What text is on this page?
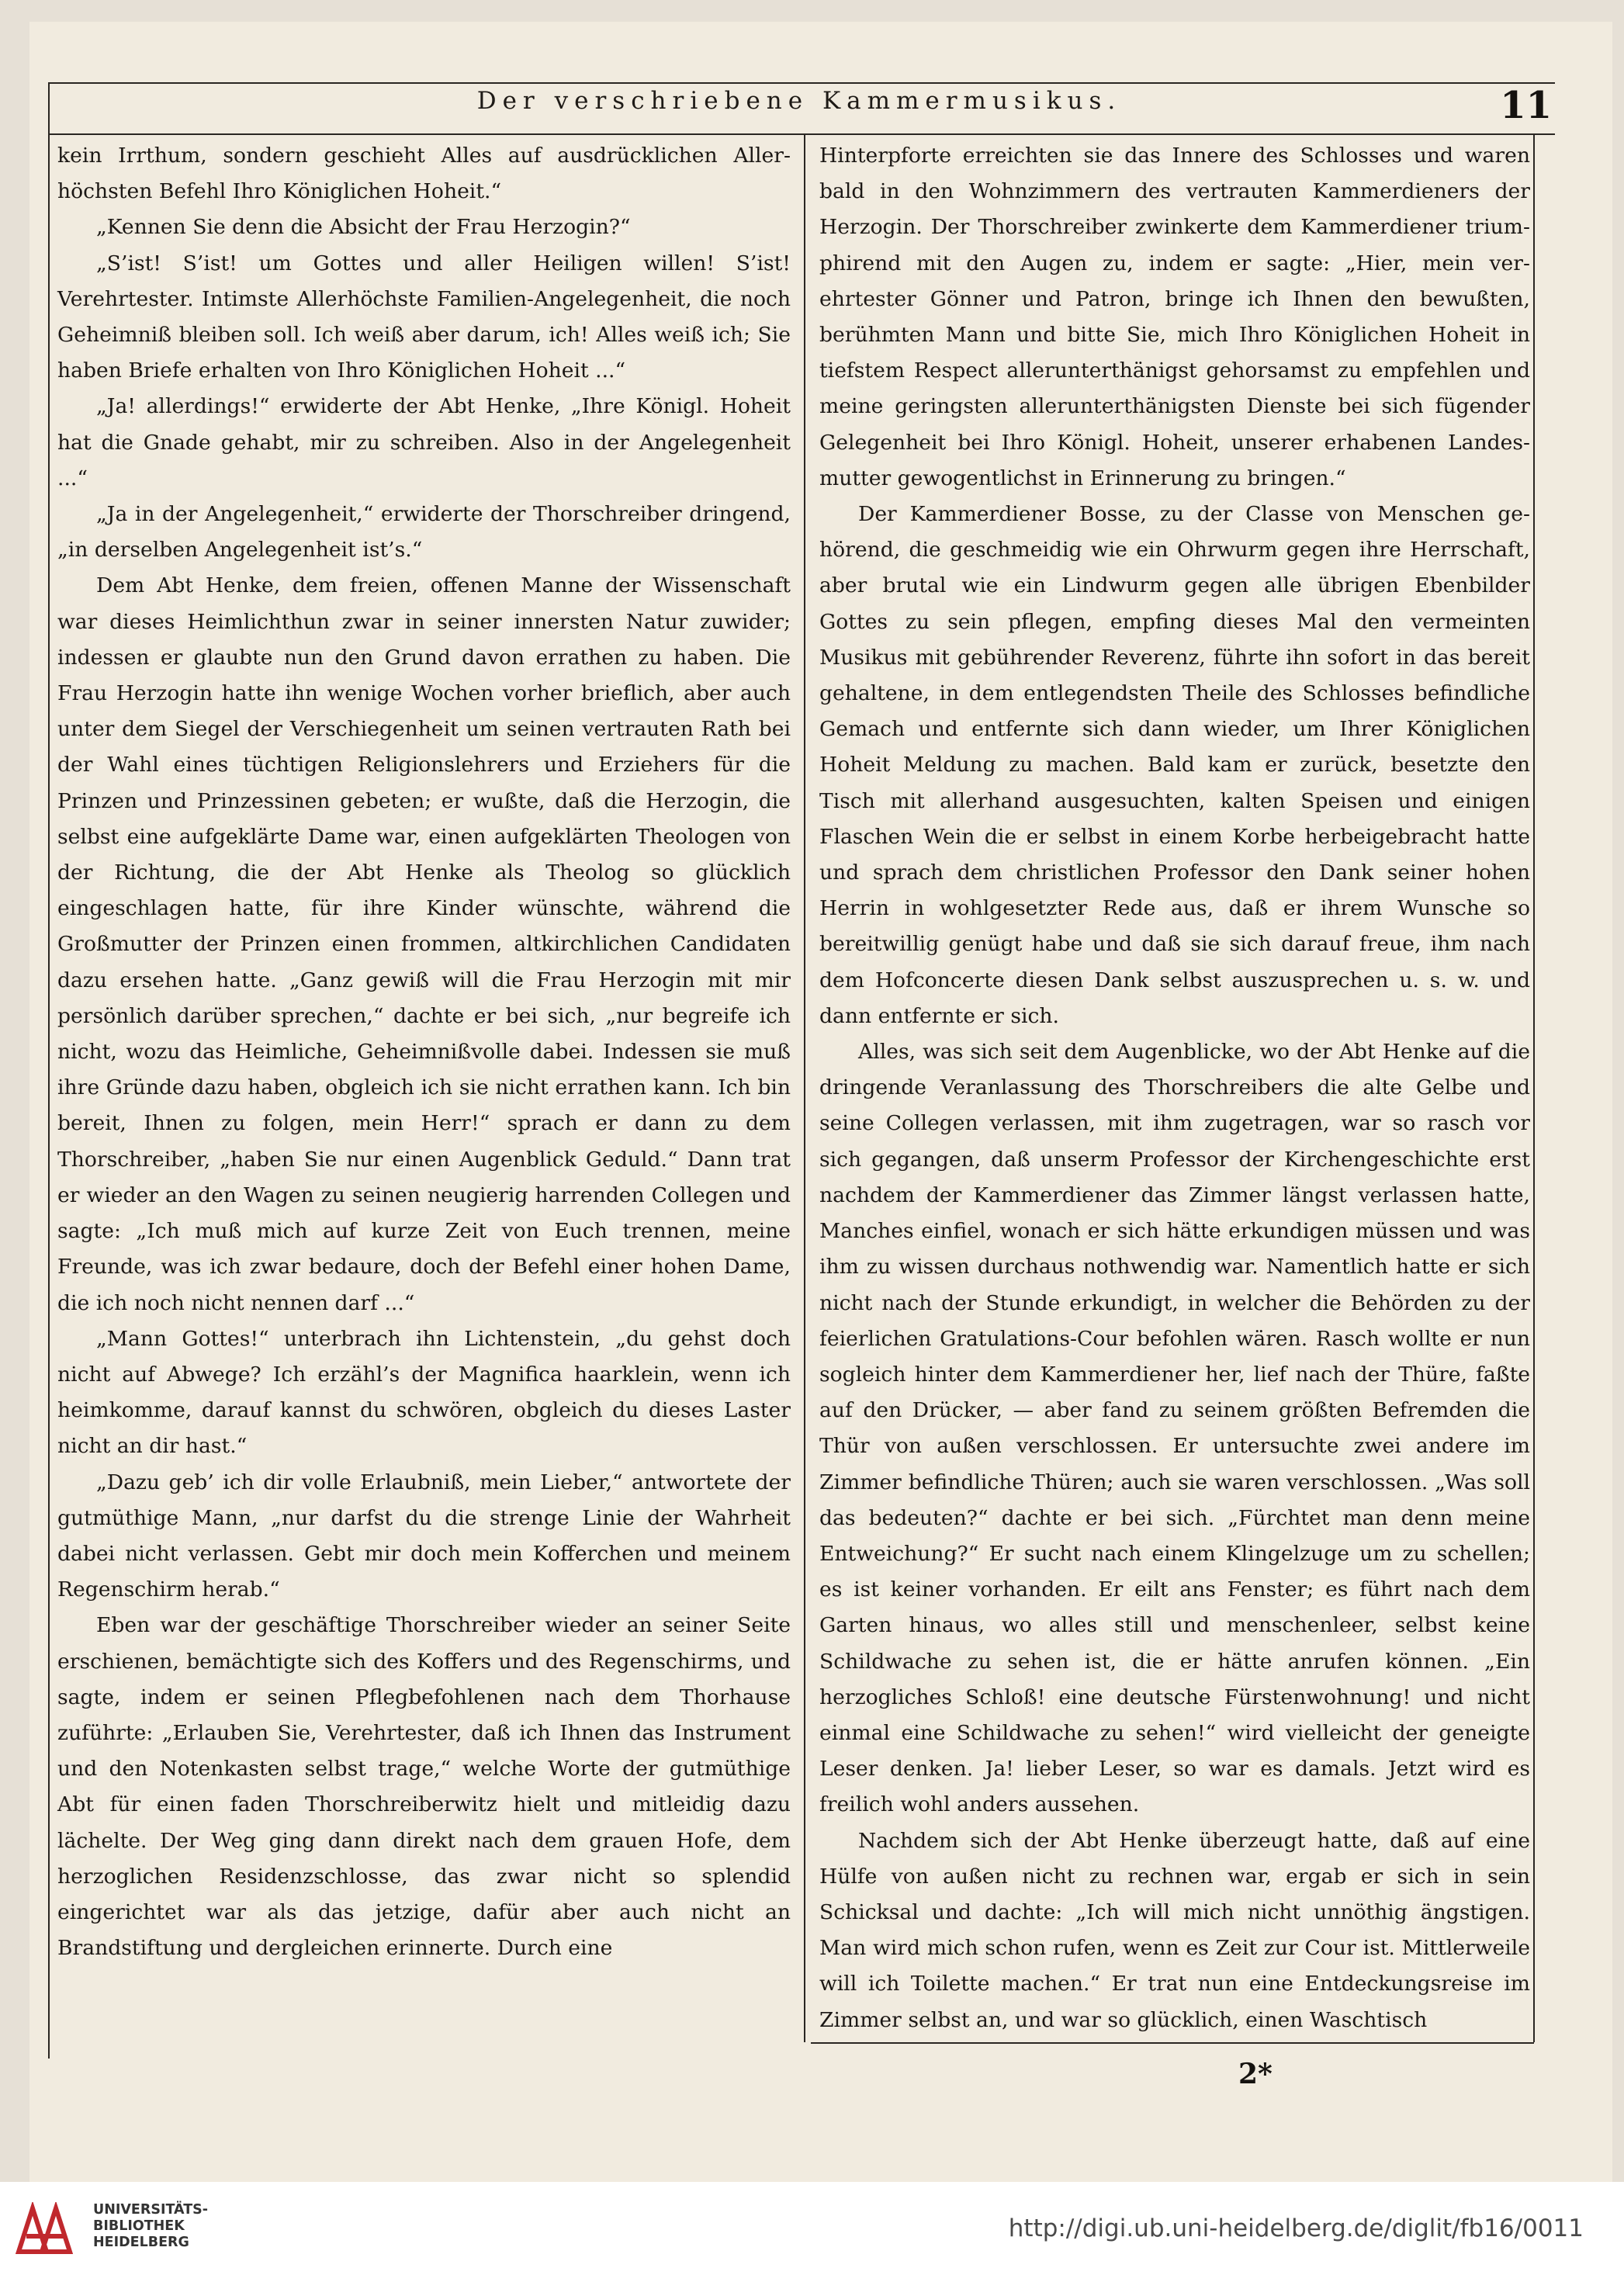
Der verschriebene Kammermusikus.	11

kein Irrthum, sondern geschieht Alles auf ausdrücklichen Allerhöchsten Befehl Ihro Königlichen Hoheit.“

„Kennen Sie denn die Absicht der Frau Herzogin?“

„S’ist! S’ist! um Gottes und aller Heiligen willen! S’ist! Verehrtester. Intimste Allerhöchste Familien-Angelegenheit, die noch Geheimniß bleiben soll. Ich weiß aber darum, ich! Alles weiß ich; Sie haben Briefe erhalten von Ihro Königlichen Hoheit ...“

„Ja! allerdings!“ erwiderte der Abt Henke, „Ihre Königl. Hoheit hat die Gnade gehabt, mir zu schreiben. Also in der Angelegenheit ...“

„Ja in der Angelegenheit,“ erwiderte der Thorschreiber dringend, „in derselben Angelegenheit ist’s.“

Dem Abt Henke, dem freien, offenen Manne der Wissenschaft war dieses Heimlichthun zwar in seiner innersten Natur zuwider; indessen er glaubte nun den Grund davon errathen zu haben. Die Frau Herzogin hatte ihn wenige Wochen vorher brieflich, aber auch unter dem Siegel der Verschiegenheit um seinen vertrauten Rath bei der Wahl eines tüchtigen Religionslehrers und Erziehers für die Prinzen und Prinzessinen gebeten; er wußte, daß die Herzogin, die selbst eine aufgeklärte Dame war, einen aufgeklärten Theologen von der Richtung, die der Abt Henke als Theolog so glücklich eingeschlagen hatte, für ihre Kinder wünschte, während die Großmutter der Prinzen einen frommen, altkirchlichen Candidaten dazu ersehen hatte. „Ganz gewiß will die Frau Herzogin mit mir persönlich darüber sprechen,“ dachte er bei sich, „nur begreife ich nicht, wozu das Heimliche, Geheimnißvolle dabei. Indessen sie muß ihre Gründe dazu haben, obgleich ich sie nicht errathen kann. Ich bin bereit, Ihnen zu folgen, mein Herr!“ sprach er dann zu dem Thorschreiber, „haben Sie nur einen Augenblick Geduld.“ Dann trat er wieder an den Wagen zu seinen neugierig harrenden Collegen und sagte: „Ich muß mich auf kurze Zeit von Euch trennen, meine Freunde, was ich zwar bedaure, doch der Befehl einer hohen Dame, die ich noch nicht nennen darf ...“

„Mann Gottes!“ unterbrach ihn Lichtenstein, „du gehst doch nicht auf Abwege? Ich erzähl’s der Magnifica haarklein, wenn ich heimkomme, darauf kannst du schwören, obgleich du dieses Laster nicht an dir hast.“

„Dazu geb’ ich dir volle Erlaubniß, mein Lieber,“ antwortete der gutmüthige Mann, „nur darfst du die strenge Linie der Wahrheit dabei nicht verlassen. Gebt mir doch mein Kofferchen und meinem Regenschirm herab.“

Eben war der geschäftige Thorschreiber wieder an seiner Seite erschienen, bemächtigte sich des Koffers und des Regenschirms, und sagte, indem er seinen Pflegbefohlenen nach dem Thorhause zuführte: „Erlauben Sie, Verehrtester, daß ich Ihnen das Instrument und den Notenkasten selbst trage,“ welche Worte der gutmüthige Abt für einen faden Thorschreiberwitz hielt und mitleidig dazu lächelte. Der Weg ging dann direkt nach dem grauen Hofe, dem herzoglichen Residenzschlosse, das zwar nicht so splendid eingerichtet war als das jetzige, dafür aber auch nicht an Brandstiftung und dergleichen erinnerte. Durch eine

Hinterpforte erreichten sie das Innere des Schlosses und waren bald in den Wohnzimmern des vertrauten Kammerdieners der Herzogin. Der Thorschreiber zwinkerte dem Kammerdiener triumphirend mit den Augen zu, indem er sagte: „Hier, mein verehrtester Gönner und Patron, bringe ich Ihnen den bewußten, berühmten Mann und bitte Sie, mich Ihro Königlichen Hoheit in tiefstem Respect allerunterthänigst gehorsamst zu empfehlen und meine geringsten allerunterthänigsten Dienste bei sich fügender Gelegenheit bei Ihro Königl. Hoheit, unserer erhabenen Landesmutter gewogentlichst in Erinnerung zu bringen.“

Der Kammerdiener Bosse, zu der Classe von Menschen gehörend, die geschmeidig wie ein Ohrwurm gegen ihre Herrschaft, aber brutal wie ein Lindwurm gegen alle übrigen Ebenbilder Gottes zu sein pflegen, empfing dieses Mal den vermeinten Musikus mit gebührender Reverenz, führte ihn sofort in das bereit gehaltene, in dem entlegendsten Theile des Schlosses befindliche Gemach und entfernte sich dann wieder, um Ihrer Königlichen Hoheit Meldung zu machen. Bald kam er zurück, besetzte den Tisch mit allerhand ausgesuchten, kalten Speisen und einigen Flaschen Wein die er selbst in einem Korbe herbeigebracht hatte und sprach dem christlichen Professor den Dank seiner hohen Herrin in wohlgesetzter Rede aus, daß er ihrem Wunsche so bereitwillig genügt habe und daß sie sich darauf freue, ihm nach dem Hofconcerte diesen Dank selbst auszusprechen u. s. w. und dann entfernte er sich.

Alles, was sich seit dem Augenblicke, wo der Abt Henke auf die dringende Veranlassung des Thorschreibers die alte Gelbe und seine Collegen verlassen, mit ihm zugetragen, war so rasch vor sich gegangen, daß unserm Professor der Kirchengeschichte erst nachdem der Kammerdiener das Zimmer längst verlassen hatte, Manches einfiel, wonach er sich hätte erkundigen müssen und was ihm zu wissen durchaus nothwendig war. Namentlich hatte er sich nicht nach der Stunde erkundigt, in welcher die Behörden zu der feierlichen Gratulations-Cour befohlen wären. Rasch wollte er nun sogleich hinter dem Kammerdiener her, lief nach der Thüre, faßte auf den Drücker, — aber fand zu seinem größten Befremden die Thür von außen verschlossen. Er untersuchte zwei andere im Zimmer befindliche Thüren; auch sie waren verschlossen. „Was soll das bedeuten?“ dachte er bei sich. „Fürchtet man denn meine Entweichung?“ Er sucht nach einem Klingelzuge um zu schellen; es ist keiner vorhanden. Er eilt ans Fenster; es führt nach dem Garten hinaus, wo alles still und menschenleer, selbst keine Schildwache zu sehen ist, die er hätte anrufen können. „Ein herzogliches Schloß! eine deutsche Fürstenwohnung! und nicht einmal eine Schildwache zu sehen!“ wird vielleicht der geneigte Leser denken. Ja! lieber Leser, so war es damals. Jetzt wird es freilich wohl anders aussehen.

Nachdem sich der Abt Henke überzeugt hatte, daß auf eine Hülfe von außen nicht zu rechnen war, ergab er sich in sein Schicksal und dachte: „Ich will mich nicht unnöthig ängstigen. Man wird mich schon rufen, wenn es Zeit zur Cour ist. Mittlerweile will ich Toilette machen.“ Er trat nun eine Entdeckungsreise im Zimmer selbst an, und war so glücklich, einen Waschtisch

2*
UNIVERSITÄTS-
BIBLIOTHEK
HEIDELBERG	http://digi.ub.uni-heidelberg.de/diglit/fb16/0011
